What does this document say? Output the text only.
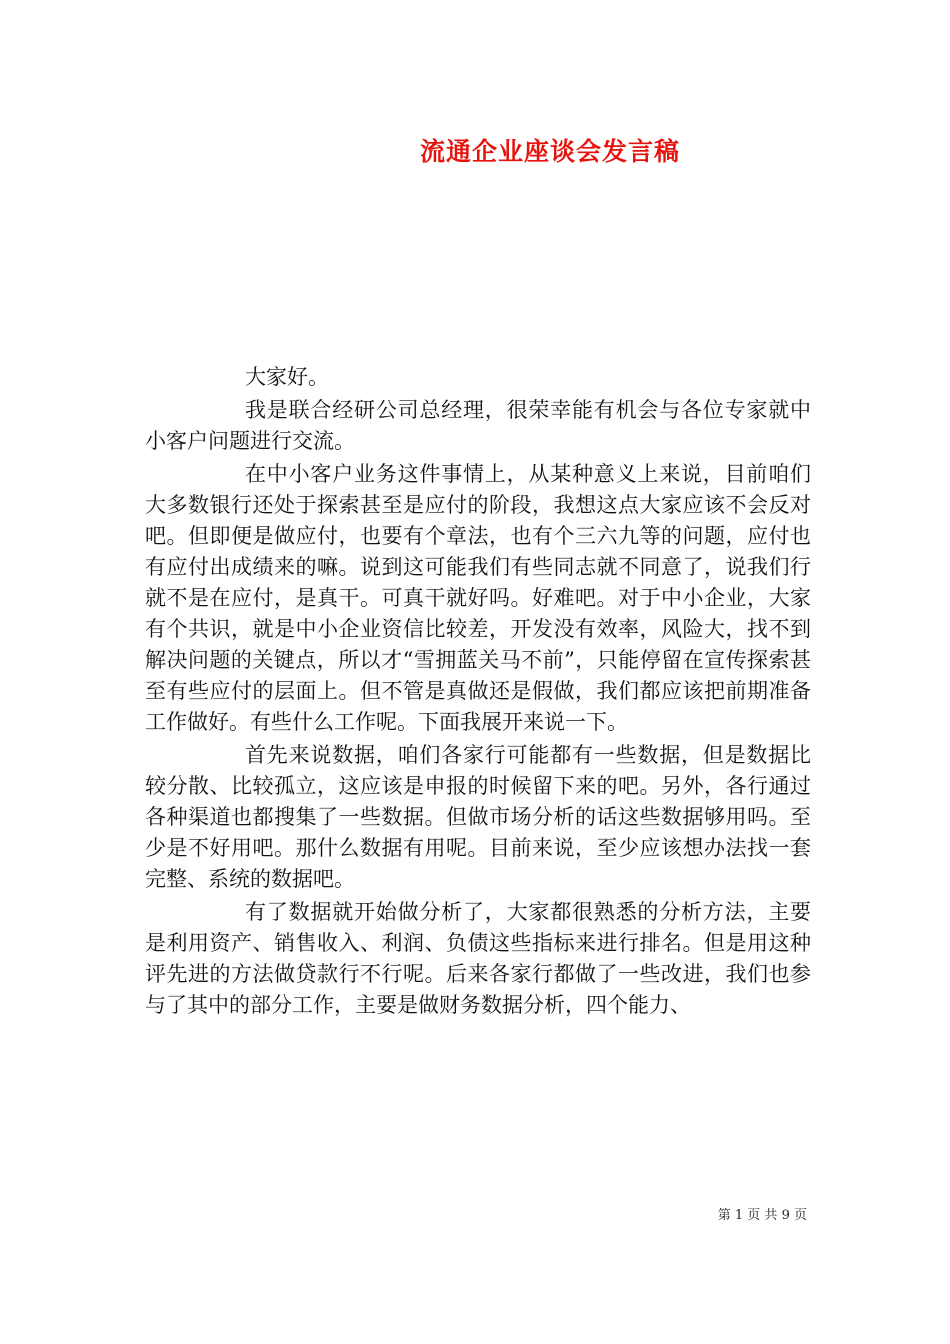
流通企业座谈会发言稿

大家好。

我是联合经研公司总经理，很荣幸能有机会与各位专家就中小客户问题进行交流。

在中小客户业务这件事情上，从某种意义上来说，目前咱们大多数银行还处于探索甚至是应付的阶段，我想这点大家应该不会反对吧。但即便是做应付，也要有个章法，也有个三六九等的问题，应付也有应付出成绩来的嘛。说到这可能我们有些同志就不同意了，说我们行就不是在应付，是真干。可真干就好吗。好难吧。对于中小企业，大家有个共识，就是中小企业资信比较差，开发没有效率，风险大，找不到解决问题的关键点，所以才“雪拥蓝关马不前”，只能停留在宣传探索甚至有些应付的层面上。但不管是真做还是假做，我们都应该把前期准备工作做好。有些什么工作呢。下面我展开来说一下。

首先来说数据，咱们各家行可能都有一些数据，但是数据比较分散、比较孤立，这应该是申报的时候留下来的吧。另外，各行通过各种渠道也都搜集了一些数据。但做市场分析的话这些数据够用吗。至少是不好用吧。那什么数据有用呢。目前来说，至少应该想办法找一套完整、系统的数据吧。

有了数据就开始做分析了，大家都很熟悉的分析方法，主要是利用资产、销售收入、利润、负债这些指标来进行排名。但是用这种评先进的方法做贷款行不行呢。后来各家行都做了一些改进，我们也参与了其中的部分工作，主要是做财务数据分析，四个能力、

第 1 页 共 9 页
